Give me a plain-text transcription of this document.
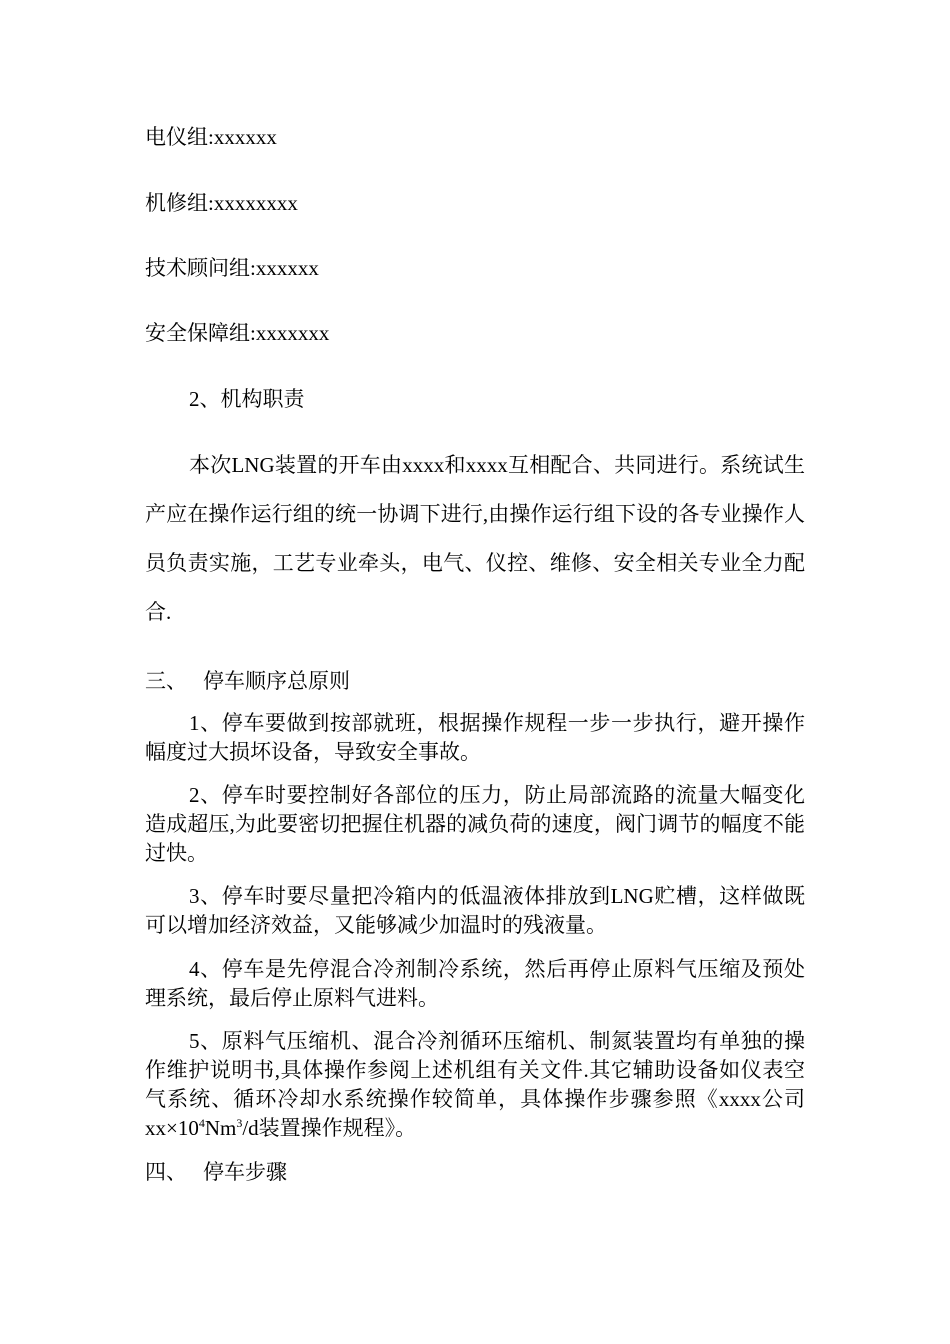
电仪组:xxxxxx
机修组:xxxxxxxx
技术顾问组:xxxxxx
安全保障组:xxxxxxx
2、机构职责
本次LNG装置的开车由xxxx和xxxx互相配合、共同进行。系统试生产应在操作运行组的统一协调下进行,由操作运行组下设的各专业操作人员负责实施，工艺专业牵头，电气、仪控、维修、安全相关专业全力配合.
三、 停车顺序总原则
1、停车要做到按部就班，根据操作规程一步一步执行，避开操作幅度过大损坏设备，导致安全事故。
2、停车时要控制好各部位的压力，防止局部流路的流量大幅变化造成超压,为此要密切把握住机器的减负荷的速度，阀门调节的幅度不能过快。
3、停车时要尽量把冷箱内的低温液体排放到LNG贮槽，这样做既可以增加经济效益，又能够减少加温时的残液量。
4、停车是先停混合冷剂制冷系统，然后再停止原料气压缩及预处理系统，最后停止原料气进料。
5、原料气压缩机、混合冷剂循环压缩机、制氮装置均有单独的操作维护说明书,具体操作参阅上述机组有关文件.其它辅助设备如仪表空气系统、循环冷却水系统操作较简单，具体操作步骤参照《xxxx公司$xx\times 10^4Nm^3/d$装置操作规程》。
四、 停车步骤
